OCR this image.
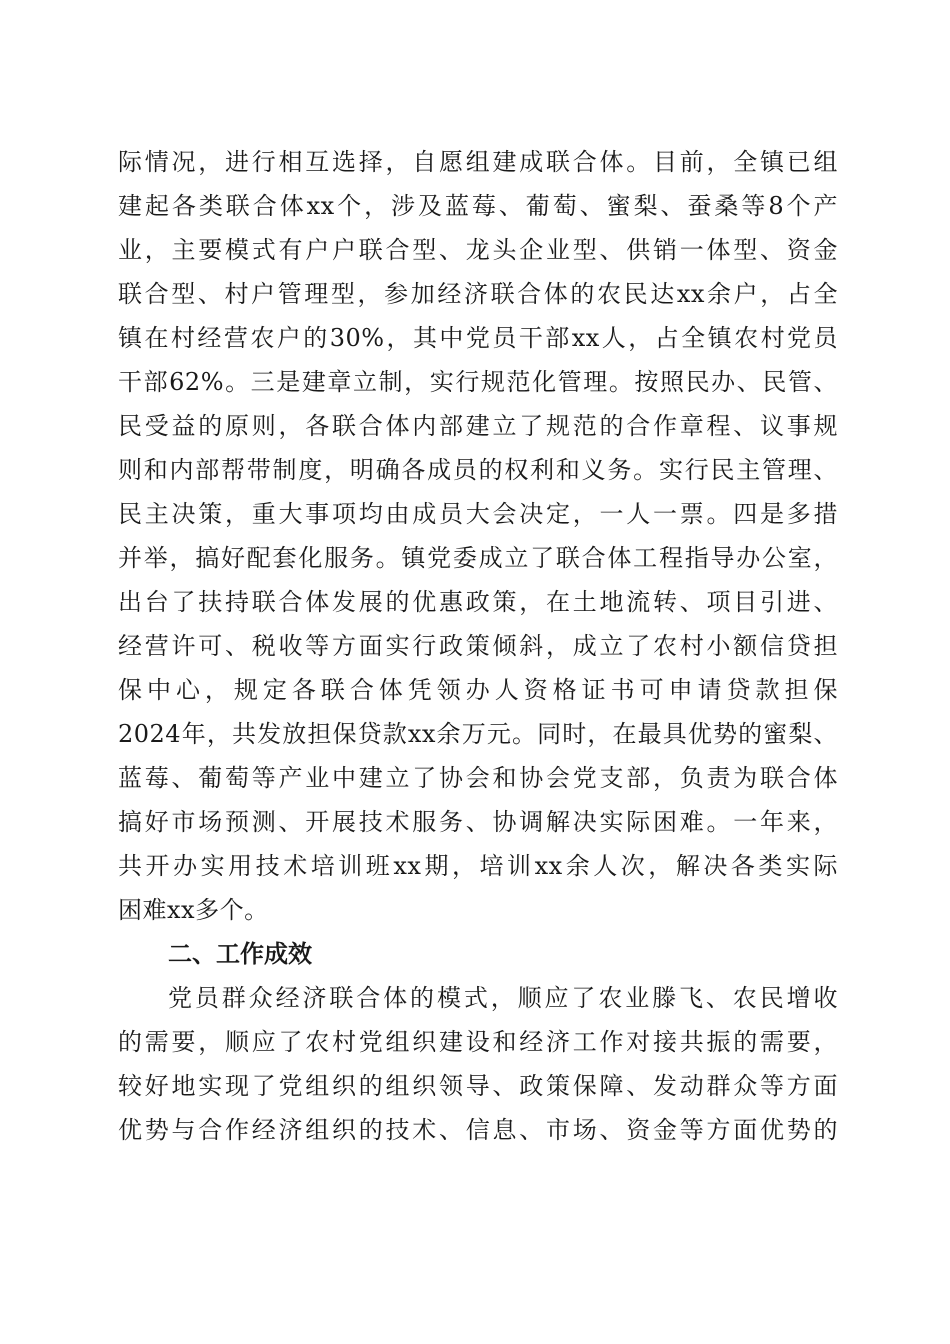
际情况，进行相互选择，自愿组建成联合体。目前，全镇已组
建起各类联合体xx个，涉及蓝莓、葡萄、蜜梨、蚕桑等8个产
业，主要模式有户户联合型、龙头企业型、供销一体型、资金
联合型、村户管理型，参加经济联合体的农民达xx余户，占全
镇在村经营农户的30%，其中党员干部xx人，占全镇农村党员
干部62%。三是建章立制，实行规范化管理。按照民办、民管、
民受益的原则，各联合体内部建立了规范的合作章程、议事规
则和内部帮带制度，明确各成员的权利和义务。实行民主管理、
民主决策，重大事项均由成员大会决定，一人一票。四是多措
并举，搞好配套化服务。镇党委成立了联合体工程指导办公室，
出台了扶持联合体发展的优惠政策，在土地流转、项目引进、
经营许可、税收等方面实行政策倾斜，成立了农村小额信贷担
保中心，规定各联合体凭领办人资格证书可申请贷款担保
2024年，共发放担保贷款xx余万元。同时，在最具优势的蜜梨、
蓝莓、葡萄等产业中建立了协会和协会党支部，负责为联合体
搞好市场预测、开展技术服务、协调解决实际困难。一年来，
共开办实用技术培训班xx期，培训xx余人次，解决各类实际
困难xx多个。
二、工作成效
党员群众经济联合体的模式，顺应了农业滕飞、农民增收
的需要，顺应了农村党组织建设和经济工作对接共振的需要，
较好地实现了党组织的组织领导、政策保障、发动群众等方面
优势与合作经济组织的技术、信息、市场、资金等方面优势的
